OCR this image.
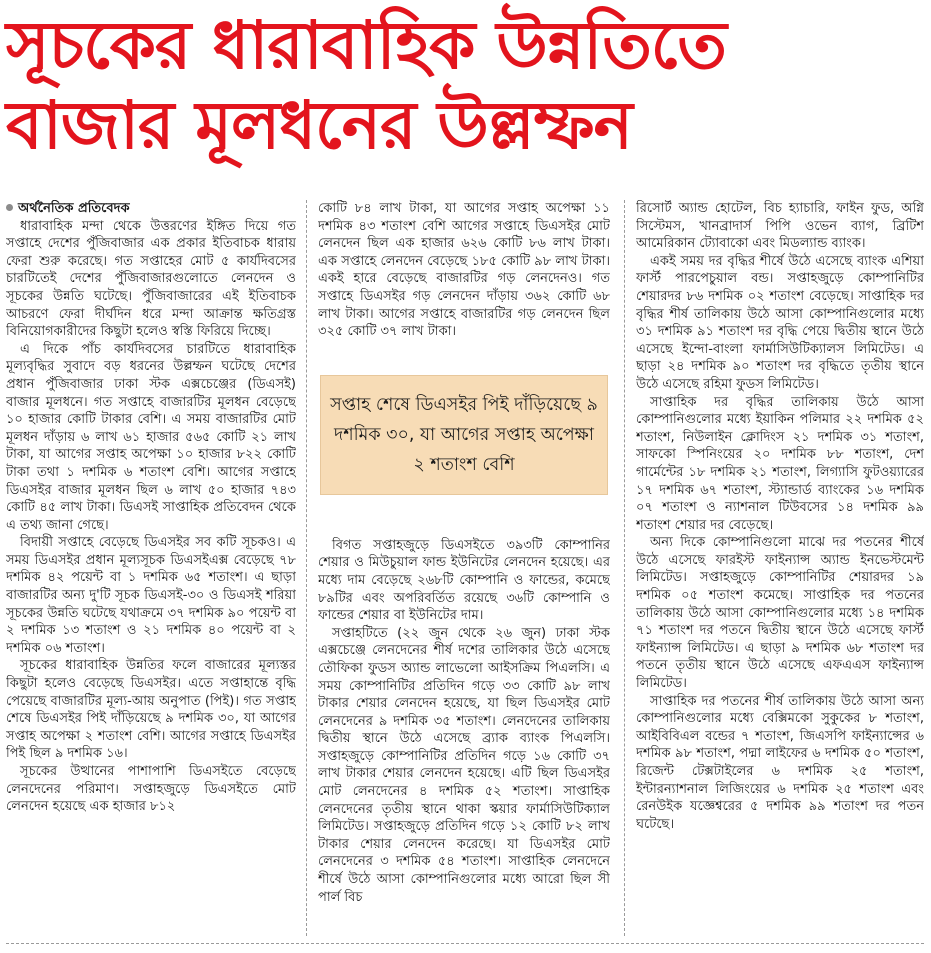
সূচকের ধারাবাহিক উন্নতিতে
বাজার মূলধনের উল্লম্ফন

অর্থনৈতিক প্রতিবেদক

ধারাবাহিক মন্দা থেকে উত্তরণের ইঙ্গিত দিয়ে গত সপ্তাহে দেশের পুঁজিবাজার এক প্রকার ইতিবাচক ধারায় ফেরা শুরু করেছে। গত সপ্তাহের মোট ৫ কার্যদিবসের চারটিতেই দেশের পুঁজিবাজারগুলোতে লেনদেন ও সূচকের উন্নতি ঘটেছে। পুঁজিবাজারের এই ইতিবাচক আচরণে ফেরা দীর্ঘদিন ধরে মন্দা আক্রান্ত ক্ষতিগ্রস্ত বিনিয়োগকারীদের কিছুটা হলেও স্বস্তি ফিরিয়ে দিচ্ছে।

এ দিকে পাঁচ কার্যদিবসের চারটিতে ধারাবাহিক মূল্যবৃদ্ধির সুবাদে বড় ধরনের উল্লম্ফন ঘটেছে দেশের প্রধান পুঁজিবাজার ঢাকা স্টক এক্সচেঞ্জের (ডিএসই) বাজার মূলধনে। গত সপ্তাহে বাজারটির মূলধন বেড়েছে ১০ হাজার কোটি টাকার বেশি। এ সময় বাজারটির মোট মূলধন দাঁড়ায় ৬ লাখ ৬১ হাজার ৫৬৫ কোটি ২১ লাখ টাকা, যা আগের সপ্তাহ অপেক্ষা ১০ হাজার ৮২২ কোটি টাকা তথা ১ দশমিক ৬ শতাংশ বেশি। আগের সপ্তাহে ডিএসইর বাজার মূলধন ছিল ৬ লাখ ৫০ হাজার ৭৪৩ কোটি ৪৫ লাখ টাকা। ডিএসই সাপ্তাহিক প্রতিবেদন থেকে এ তথ্য জানা গেছে।

বিদায়ী সপ্তাহে বেড়েছে ডিএসইর সব কটি সূচকও। এ সময় ডিএসইর প্রধান মূল্যসূচক ডিএসইএক্স বেড়েছে ৭৮ দশমিক ৪২ পয়েন্ট বা ১ দশমিক ৬৫ শতাংশ। এ ছাড়া বাজারটির অন্য দু'টি সূচক ডিএসই-৩০ ও ডিএসই শরিয়া সূচকের উন্নতি ঘটেছে যথাক্রমে ৩৭ দশমিক ৯০ পয়েন্ট বা ২ দশমিক ১৩ শতাংশ ও ২১ দশমিক ৪০ পয়েন্ট বা ২ দশমিক ০৬ শতাংশ।

সূচকের ধারাবাহিক উন্নতির ফলে বাজারের মূল্যস্তর কিছুটা হলেও বেড়েছে ডিএসইর। এতে সপ্তাহান্তে বৃদ্ধি পেয়েছে বাজারটির মূল্য-আয় অনুপাত (পিই)। গত সপ্তাহ শেষে ডিএসইর পিই দাঁড়িয়েছে ৯ দশমিক ৩০, যা আগের সপ্তাহ অপেক্ষা ২ শতাংশ বেশি। আগের সপ্তাহে ডিএসইর পিই ছিল ৯ দশমিক ১৬।

সূচকের উত্থানের পাশাপাশি ডিএসইতে বেড়েছে লেনদেনের পরিমাণ। সপ্তাহজুড়ে ডিএসইতে মোট লেনদেন হয়েছে এক হাজার ৮১২

কোটি ৮৪ লাখ টাকা, যা আগের সপ্তাহ অপেক্ষা ১১ দশমিক ৪৩ শতাংশ বেশি আগের সপ্তাহে ডিএসইর মোট লেনদেন ছিল এক হাজার ৬২৬ কোটি ৮৬ লাখ টাকা। এক সপ্তাহে লেনদেন বেড়েছে ১৮৫ কোটি ৯৮ লাখ টাকা। একই হারে বেড়েছে বাজারটির গড় লেনদেনও। গত সপ্তাহে ডিএসইর গড় লেনদেন দাঁড়ায় ৩৬২ কোটি ৬৮ লাখ টাকা। আগের সপ্তাহে বাজারটির গড় লেনদেন ছিল ৩২৫ কোটি ৩৭ লাখ টাকা।

সপ্তাহ শেষে ডিএসইর পিই দাঁড়িয়েছে ৯ দশমিক ৩০, যা আগের সপ্তাহ অপেক্ষা ২ শতাংশ বেশি

বিগত সপ্তাহজুড়ে ডিএসইতে ৩৯৩টি কোম্পানির শেয়ার ও মিউচুয়াল ফান্ড ইউনিটের লেনদেন হয়েছে। এর মধ্যে দাম বেড়েছে ২৬৮টি কোম্পানি ও ফান্ডের, কমেছে ৮৯টির এবং অপরিবর্তিত রয়েছে ৩৬টি কোম্পানি ও ফান্ডের শেয়ার বা ইউনিটের দাম।

সপ্তাহটিতে (২২ জুন থেকে ২৬ জুন) ঢাকা স্টক এক্সচেঞ্জে লেনদেনের শীর্ষ দশের তালিকার উঠে এসেছে তৌফিকা ফুডস অ্যান্ড লাভেলো আইসক্রিম পিএলসি। এ সময় কোম্পানিটির প্রতিদিন গড়ে ৩৩ কোটি ৯৮ লাখ টাকার শেয়ার লেনদেন হয়েছে, যা ছিল ডিএসইর মোট লেনদেনের ৯ দশমিক ৩৫ শতাংশ। লেনদেনের তালিকায় দ্বিতীয় স্থানে উঠে এসেছে ব্র্যাক ব্যাংক পিএলসি। সপ্তাহজুড়ে কোম্পানিটির প্রতিদিন গড়ে ১৬ কোটি ৩৭ লাখ টাকার শেয়ার লেনদেন হয়েছে। এটি ছিল ডিএসইর মোট লেনদেনের ৪ দশমিক ৫২ শতাংশ। সাপ্তাহিক লেনদেনের তৃতীয় স্থানে থাকা স্কয়ার ফার্মাসিউটিক্যাল লিমিটেড। সপ্তাহজুড়ে প্রতিদিন গড়ে ১২ কোটি ৮২ লাখ টাকার শেয়ার লেনদেন করেছে। যা ডিএসইর মোট লেনদেনের ৩ দশমিক ৫৪ শতাংশ। সাপ্তাহিক লেনদেনে শীর্ষে উঠে আসা কোম্পানিগুলোর মধ্যে আরো ছিল সী পার্ল বিচ

রিসোর্ট অ্যান্ড হোটেল, বিচ হ্যাচারি, ফাইন ফুড, অগ্নি সিস্টেমস, খানব্রাদার্স পিপি ওভেন ব্যাগ, ব্রিটিশ আমেরিকান ট্যোবাকো এবং মিডল্যান্ড ব্যাংক।

একই সময় দর বৃদ্ধির শীর্ষে উঠে এসেছে ব্যাংক এশিয়া ফার্স্ট পারপেচুয়াল বন্ড। সপ্তাহজুড়ে কোম্পানিটির শেয়ারদর ৮৬ দশমিক ০২ শতাংশ বেড়েছে। সাপ্তাহিক দর বৃদ্ধির শীর্ষ তালিকায় উঠে আসা কোম্পানিগুলোর মধ্যে ৩১ দশমিক ৯১ শতাংশ দর বৃদ্ধি পেয়ে দ্বিতীয় স্থানে উঠে এসেছে ইন্দো-বাংলা ফার্মাসিউটিক্যালস লিমিটেড। এ ছাড়া ২৪ দশমিক ৯০ শতাংশ দর বৃদ্ধিতে তৃতীয় স্থানে উঠে এসেছে রহিমা ফুডস লিমিটেড।

সাপ্তাহিক দর বৃদ্ধির তালিকায় উঠে আসা কোম্পানিগুলোর মধ্যে ইয়াকিন পলিমার ২২ দশমিক ৫২ শতাংশ, নিউলাইন ক্লোদিংস ২১ দশমিক ৩১ শতাংশ, সাফকো স্পিনিংয়ের ২০ দশমিক ৮৮ শতাংশ, দেশ গার্মেন্টের ১৮ দশমিক ২১ শতাংশ, লিগ্যাসি ফুটওয়্যারের ১৭ দশমিক ৬৭ শতাংশ, স্ট্যান্ডার্ড ব্যাংকের ১৬ দশমিক ০৭ শতাংশ ও ন্যাশনাল টিউবসের ১৪ দশমিক ৯৯ শতাংশ শেয়ার দর বেড়েছে।

অন্য দিকে কোম্পানিগুলো মাঝে দর পতনের শীর্ষে উঠে এসেছে ফারইস্ট ফাইন্যান্স অ্যান্ড ইনভেস্টমেন্ট লিমিটেড। সপ্তাহজুড়ে কোম্পানিটির শেয়ারদর ১৯ দশমিক ০৫ শতাংশ কমেছে। সাপ্তাহিক দর পতনের তালিকায় উঠে আসা কোম্পানিগুলোর মধ্যে ১৪ দশমিক ৭১ শতাংশ দর পতনে দ্বিতীয় স্থানে উঠে এসেছে ফার্স্ট ফাইন্যান্স লিমিটেড। এ ছাড়া ৯ দশমিক ৬৮ শতাংশ দর পতনে তৃতীয় স্থানে উঠে এসেছে এফএএস ফাইন্যান্স লিমিটেড।

সাপ্তাহিক দর পতনের শীর্ষ তালিকায় উঠে আসা অন্য কোম্পানিগুলোর মধ্যে বেক্সিমকো সুকুকের ৮ শতাংশ, আইবিবিএল বন্ডের ৭ শতাংশ, জিএসপি ফাইন্যান্সের ৬ দশমিক ৯৮ শতাংশ, পদ্মা লাইফের ৬ দশমিক ৫০ শতাংশ, রিজেন্ট টেক্সটাইলের ৬ দশমিক ২৫ শতাংশ, ইন্টারন্যাশনাল লিজিংয়ের ৬ দশমিক ২৫ শতাংশ এবং রেনউইক যজ্ঞেশ্বরের ৫ দশমিক ৯৯ শতাংশ দর পতন ঘটেছে।
